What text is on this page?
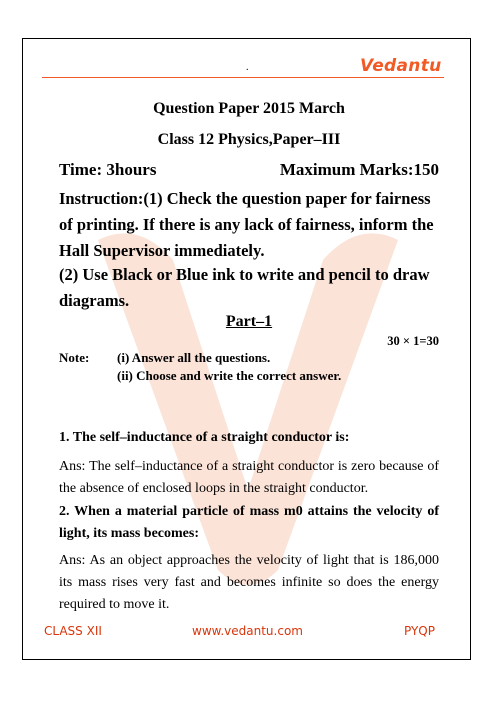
.	Vedantu
Question Paper 2015 March
Class 12 Physics,Paper–III
Time: 3hours	Maximum Marks:150
Instruction:(1) Check the question paper for fairness of printing. If there is any lack of fairness, inform the Hall Supervisor immediately.
(2) Use Black or Blue ink to write and pencil to draw diagrams.
Part–1
30 × 1=30
Note: (i) Answer all the questions.
(ii) Choose and write the correct answer.
1. The self–inductance of a straight conductor is:
Ans: The self–inductance of a straight conductor is zero because of the absence of enclosed loops in the straight conductor.
2. When a material particle of mass m0 attains the velocity of light, its mass becomes:
Ans: As an object approaches the velocity of light that is 186,000 its mass rises very fast and becomes infinite so does the energy required to move it.
CLASS XII	www.vedantu.com	PYQP
